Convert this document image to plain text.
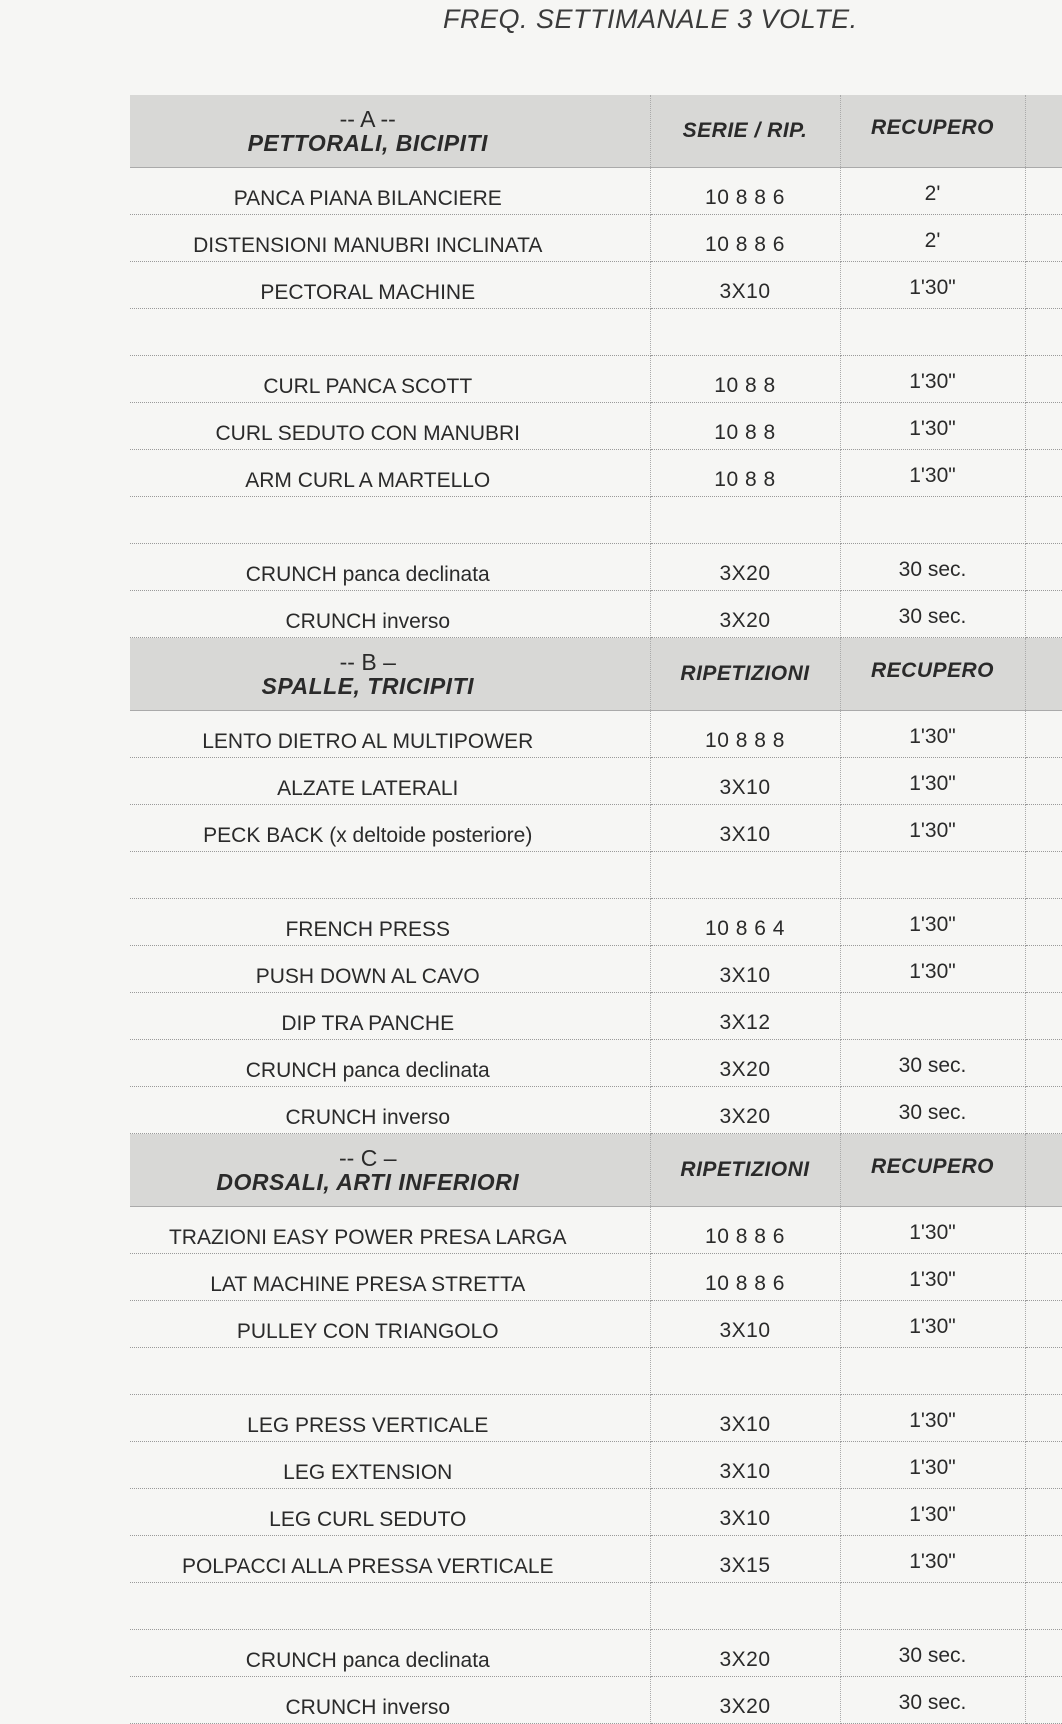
FREQ. SETTIMANALE 3 VOLTE.
-- A --
PETTORALI, BICIPITI	SERIE / RIP.	RECUPERO	
PANCA PIANA BILANCIERE	10 8 8 6	2'	
DISTENSIONI MANUBRI INCLINATA	10 8 8 6	2'	
PECTORAL MACHINE	3X10	1'30"	

CURL PANCA SCOTT	10 8 8	1'30"	
CURL SEDUTO CON MANUBRI	10 8 8	1'30"	
ARM CURL A MARTELLO	10 8 8	1'30"	

CRUNCH panca declinata	3X20	30 sec.	
CRUNCH inverso	3X20	30 sec.	

-- B –
SPALLE, TRICIPITI	RIPETIZIONI	RECUPERO	
LENTO DIETRO AL MULTIPOWER	10 8 8 8	1'30"	
ALZATE LATERALI	3X10	1'30"	
PECK BACK (x deltoide posteriore)	3X10	1'30"	

FRENCH PRESS	10 8 6 4	1'30"	
PUSH DOWN AL CAVO	3X10	1'30"	
DIP TRA PANCHE	3X12		
CRUNCH panca declinata	3X20	30 sec.	
CRUNCH inverso	3X20	30 sec.	

-- C –
DORSALI, ARTI INFERIORI	RIPETIZIONI	RECUPERO	
TRAZIONI EASY POWER PRESA LARGA	10 8 8 6	1'30"	
LAT MACHINE PRESA STRETTA	10 8 8 6	1'30"	
PULLEY CON TRIANGOLO	3X10	1'30"	

LEG PRESS VERTICALE	3X10	1'30"	
LEG EXTENSION	3X10	1'30"	
LEG CURL SEDUTO	3X10	1'30"	
POLPACCI ALLA PRESSA VERTICALE	3X15	1'30"	

CRUNCH panca declinata	3X20	30 sec.	
CRUNCH inverso	3X20	30 sec.	
